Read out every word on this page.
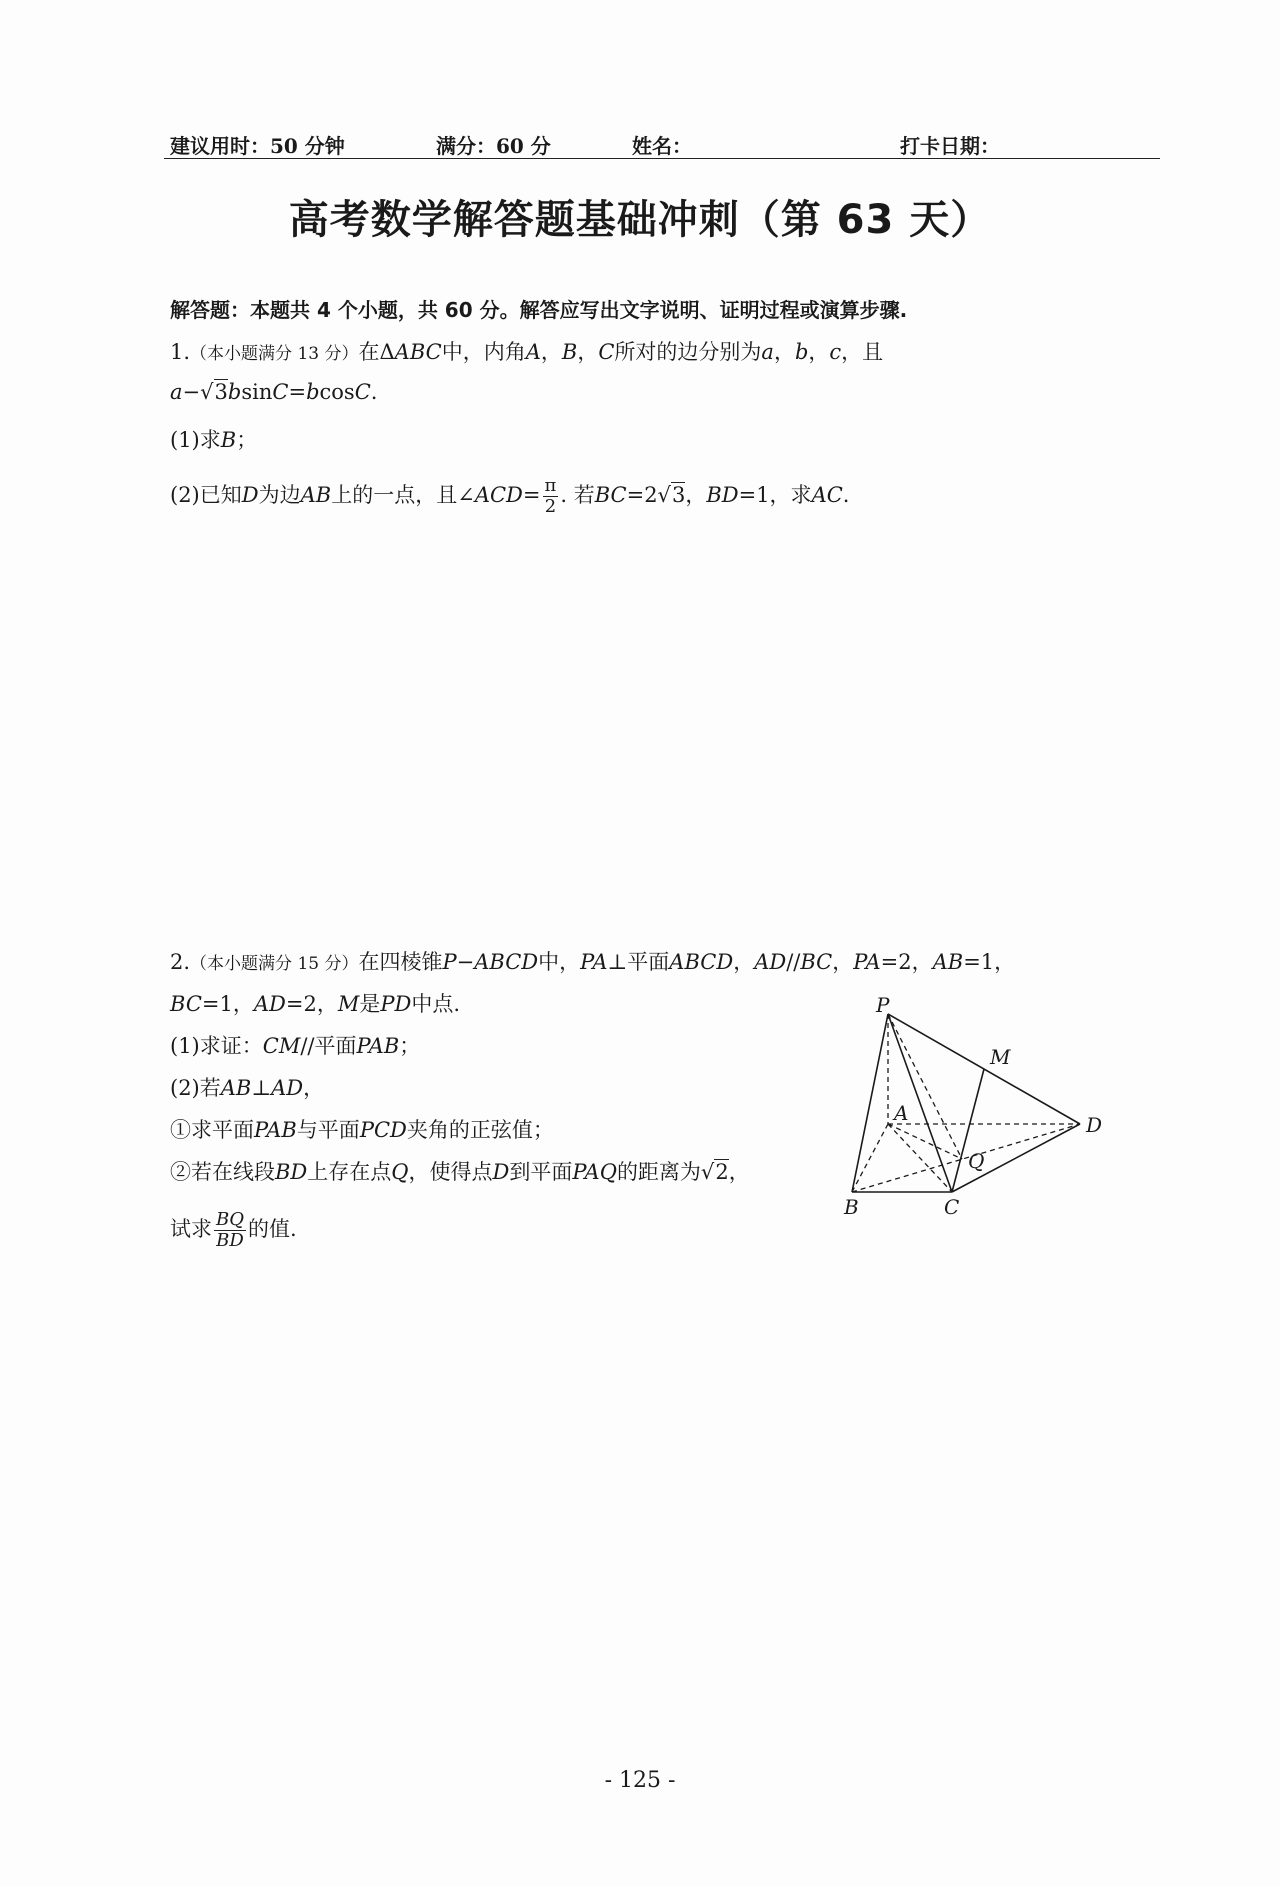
建议用时：50 分钟	满分：60 分	姓名：	打卡日期：
高考数学解答题基础冲刺（第 63 天）
解答题：本题共 4 个小题，共 60 分。解答应写出文字说明、证明过程或演算步骤.
1.（本小题满分 13 分）在ΔABC中，内角A，B，C所对的边分别为a，b，c，且
a−√3bsinC=bcosC.
(1)求B；
(2)已知D为边AB上的一点，且∠ACD= $\frac{\pi}{2}$ . 若BC=2√3，BD=1，求AC.
2.（本小题满分 15 分）在四棱锥P−ABCD中，PA⊥平面ABCD，AD//BC，PA=2，AB=1，
BC=1，AD=2，M是PD中点.
(1)求证：CM//平面PAB；
(2)若AB⊥AD，
①求平面PAB与平面PCD夹角的正弦值；
②若在线段BD上存在点Q，使得点D到平面PAQ的距离为√2，
试求 $\frac{BQ}{BD}$ 的值.
P
M
A	D
Q
B	C
- 125 -
